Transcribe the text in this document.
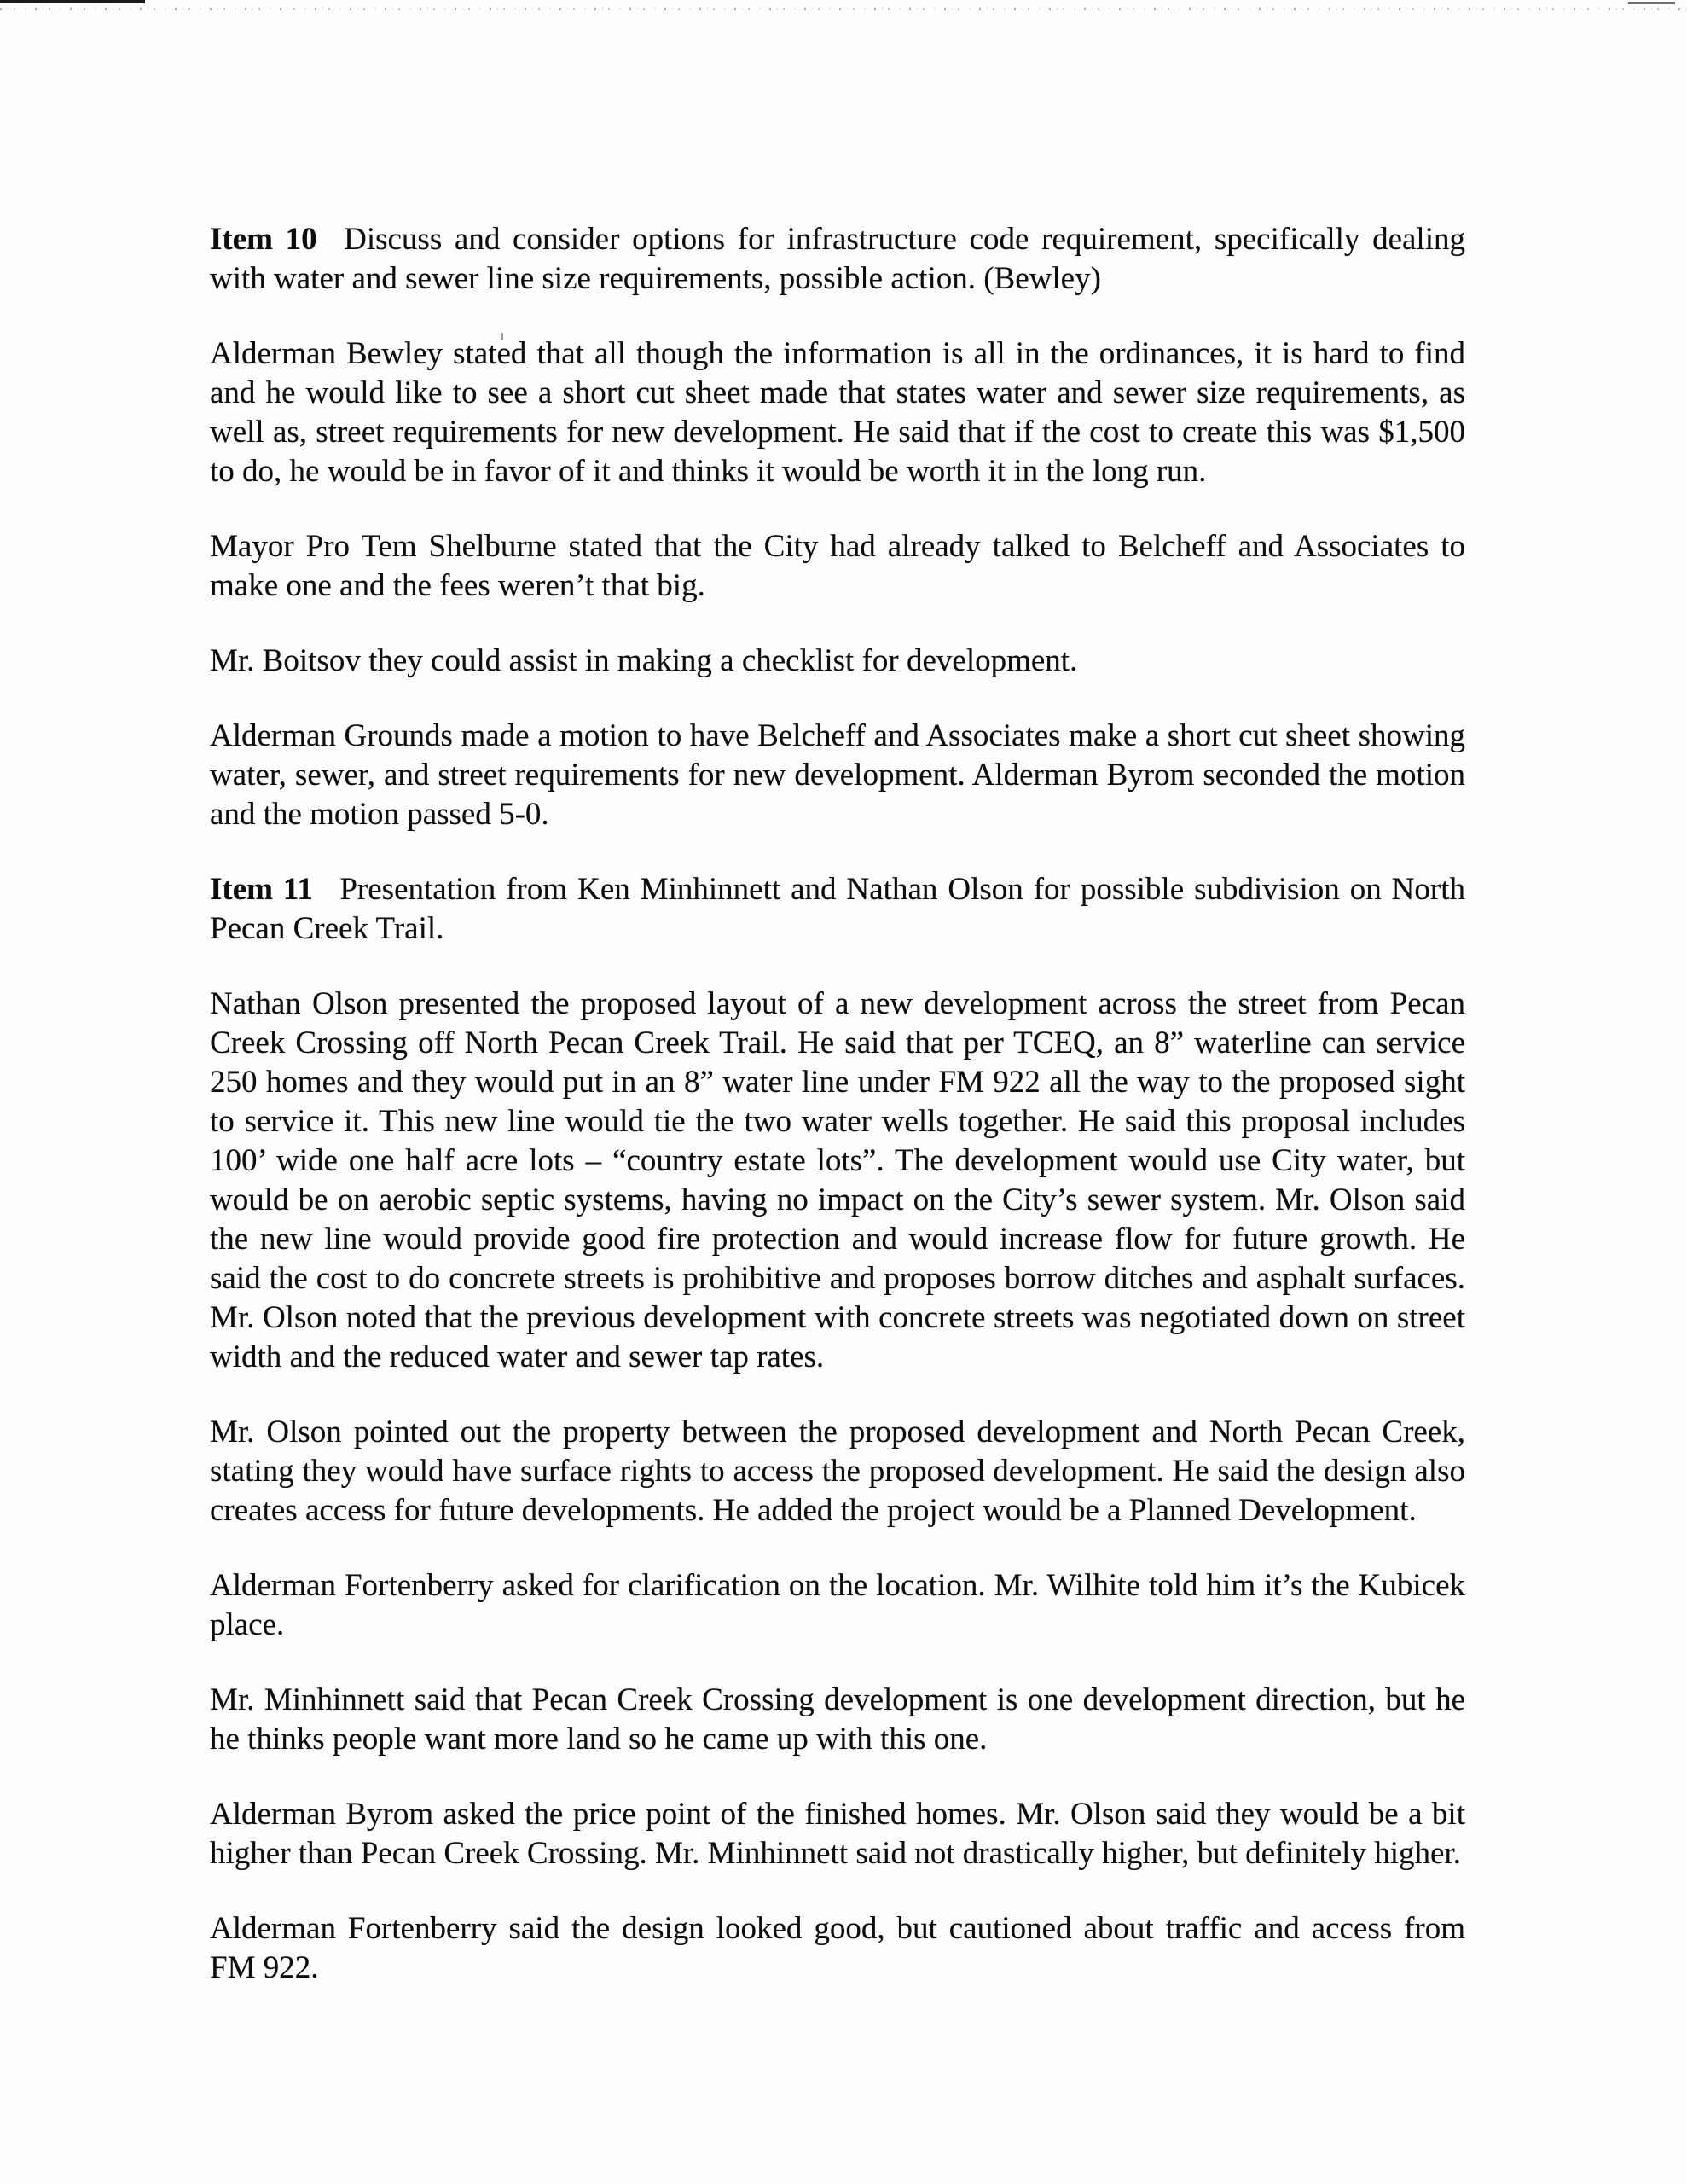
Item 10 Discuss and consider options for infrastructure code requirement, specifically dealing with water and sewer line size requirements, possible action. (Bewley)

Alderman Bewley stated that all though the information is all in the ordinances, it is hard to find and he would like to see a short cut sheet made that states water and sewer size requirements, as well as, street requirements for new development. He said that if the cost to create this was $1,500 to do, he would be in favor of it and thinks it would be worth it in the long run.

Mayor Pro Tem Shelburne stated that the City had already talked to Belcheff and Associates to make one and the fees weren’t that big.

Mr. Boitsov they could assist in making a checklist for development.

Alderman Grounds made a motion to have Belcheff and Associates make a short cut sheet showing water, sewer, and street requirements for new development. Alderman Byrom seconded the motion and the motion passed 5-0.

Item 11 Presentation from Ken Minhinnett and Nathan Olson for possible subdivision on North Pecan Creek Trail.

Nathan Olson presented the proposed layout of a new development across the street from Pecan Creek Crossing off North Pecan Creek Trail. He said that per TCEQ, an 8” waterline can service 250 homes and they would put in an 8” water line under FM 922 all the way to the proposed sight to service it. This new line would tie the two water wells together. He said this proposal includes 100’ wide one half acre lots – “country estate lots”. The development would use City water, but would be on aerobic septic systems, having no impact on the City’s sewer system. Mr. Olson said the new line would provide good fire protection and would increase flow for future growth. He said the cost to do concrete streets is prohibitive and proposes borrow ditches and asphalt surfaces. Mr. Olson noted that the previous development with concrete streets was negotiated down on street width and the reduced water and sewer tap rates.

Mr. Olson pointed out the property between the proposed development and North Pecan Creek, stating they would have surface rights to access the proposed development. He said the design also creates access for future developments. He added the project would be a Planned Development.

Alderman Fortenberry asked for clarification on the location. Mr. Wilhite told him it’s the Kubicek place.

Mr. Minhinnett said that Pecan Creek Crossing development is one development direction, but he he thinks people want more land so he came up with this one.

Alderman Byrom asked the price point of the finished homes. Mr. Olson said they would be a bit higher than Pecan Creek Crossing. Mr. Minhinnett said not drastically higher, but definitely higher.

Alderman Fortenberry said the design looked good, but cautioned about traffic and access from FM 922.
